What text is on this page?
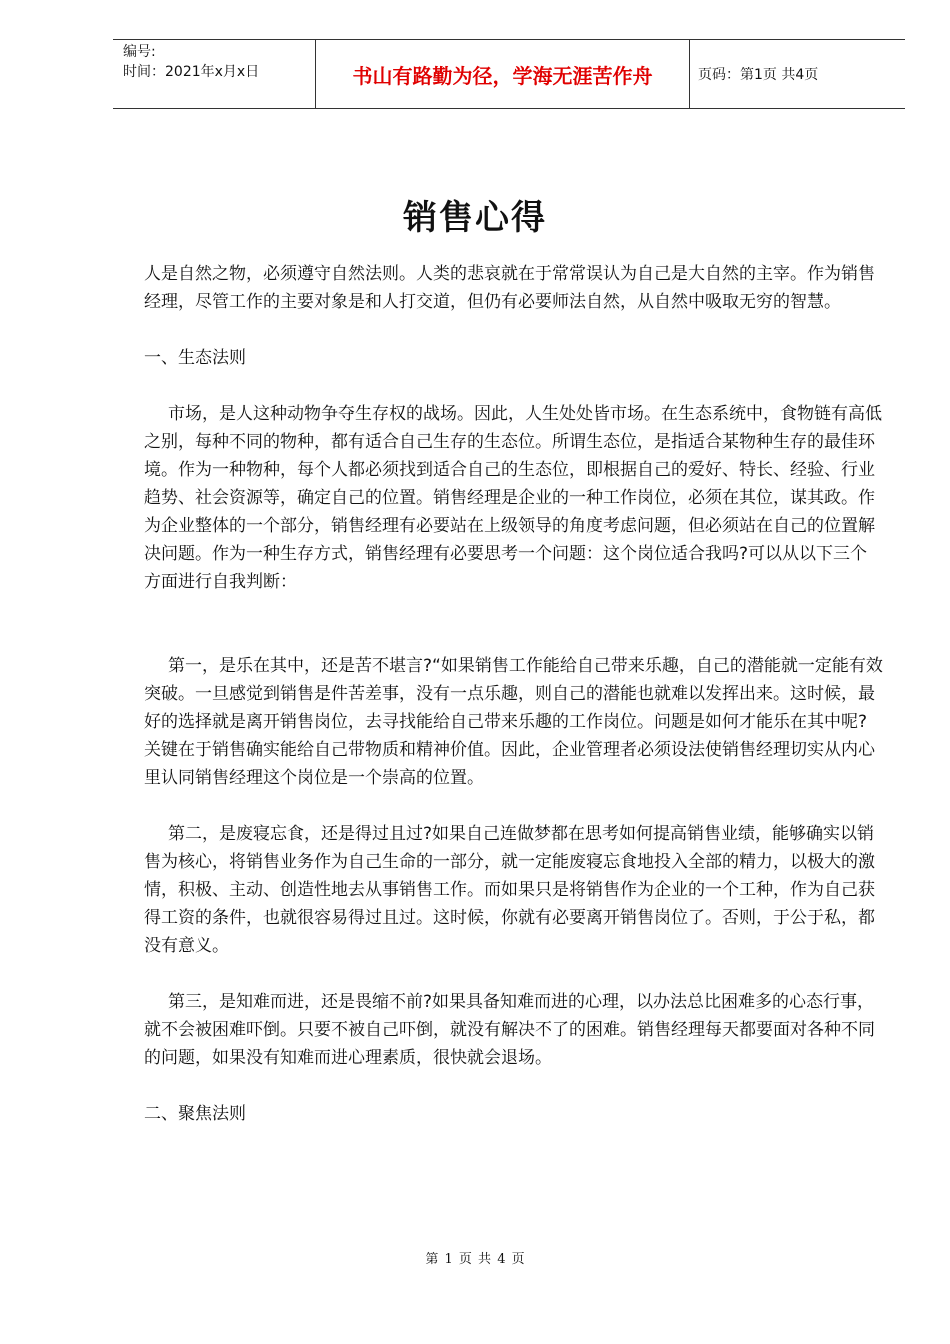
编号:
时间：2021年x月x日	书山有路勤为径，学海无涯苦作舟	页码：第1页 共4页
销售心得

人是自然之物，必须遵守自然法则。人类的悲哀就在于常常误认为自己是大自然的主宰。作为销售经理，尽管工作的主要对象是和人打交道，但仍有必要师法自然，从自然中吸取无穷的智慧。

一、生态法则

市场，是人这种动物争夺生存权的战场。因此，人生处处皆市场。在生态系统中，食物链有高低之别，每种不同的物种，都有适合自己生存的生态位。所谓生态位，是指适合某物种生存的最佳环境。作为一种物种，每个人都必须找到适合自己的生态位，即根据自己的爱好、特长、经验、行业趋势、社会资源等，确定自己的位置。销售经理是企业的一种工作岗位，必须在其位，谋其政。作为企业整体的一个部分，销售经理有必要站在上级领导的角度考虑问题，但必须站在自己的位置解决问题。作为一种生存方式，销售经理有必要思考一个问题：这个岗位适合我吗?可以从以下三个方面进行自我判断：

第一，是乐在其中，还是苦不堪言?“如果销售工作能给自己带来乐趣，自己的潜能就一定能有效突破。一旦感觉到销售是件苦差事，没有一点乐趣，则自己的潜能也就难以发挥出来。这时候，最好的选择就是离开销售岗位，去寻找能给自己带来乐趣的工作岗位。问题是如何才能乐在其中呢?关键在于销售确实能给自己带物质和精神价值。因此，企业管理者必须设法使销售经理切实从内心里认同销售经理这个岗位是一个崇高的位置。

第二，是废寝忘食，还是得过且过?如果自己连做梦都在思考如何提高销售业绩，能够确实以销售为核心，将销售业务作为自己生命的一部分，就一定能废寝忘食地投入全部的精力，以极大的激情，积极、主动、创造性地去从事销售工作。而如果只是将销售作为企业的一个工种，作为自己获得工资的条件，也就很容易得过且过。这时候，你就有必要离开销售岗位了。否则，于公于私，都没有意义。

第三，是知难而进，还是畏缩不前?如果具备知难而进的心理，以办法总比困难多的心态行事，就不会被困难吓倒。只要不被自己吓倒，就没有解决不了的困难。销售经理每天都要面对各种不同的问题，如果没有知难而进心理素质，很快就会退场。

二、聚焦法则

第 1 页 共 4 页
